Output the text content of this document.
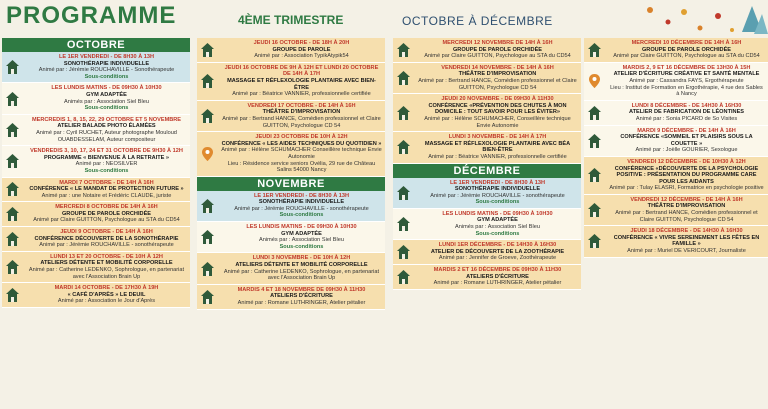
PROGRAMME	4ÈME TRIMESTRE	OCTOBRE À DÉCEMBRE
OCTOBRE
LE 1ER VENDREDI - DE 8H30 À 13H
SONOTHÉRAPIE INDIVIDUELLE
Animé par : Jérémie ROUCHAVILLE - Sonothérapeute
Sous-conditions
LES LUNDIS MATINS - DE 09H30 À 10H30
GYM ADAPTÉE
Animés par : Association Siel Bleu
Sous-conditions
MERCREDIS 1, 8, 15, 22, 29 OCTOBRE ET 5 NOVEMBRE
ATELIER BALADE PHOTO ÉLAMÉES
Animé par : Cyril RUCHET, Auteur photographe Mouloud OUABDESSELAM, Auteur compositeur
VENDREDIS 3, 10, 17, 24 ET 31 OCTOBRE DE 9H30 À 12H
PROGRAMME « BIENVENUE À LA RETRAITE »
Animé par : NEOSILVER
Sous-conditions
MARDI 7 OCTOBRE - DE 14H À 16H
CONFÉRENCE « LE MANDAT DE PROTECTION FUTURE »
Animé par : une Notaire et Frédéric CLAUDE, juriste
MERCREDI 8 OCTOBRE DE 14H À 16H
GROUPE DE PAROLE ORCHIDÉE
Animé par Claire GUITTON, Psychologue au STA du CD54
JEUDI 9 OCTOBRE - DE 14H À 16H
CONFÉRENCE DÉCOUVERTE DE LA SONOTHÉRAPIE
Animé par : Jérémie ROUCHAVILLE - sonothérapeute
LUNDI 13 ET 20 OCTOBRE - DE 10H À 12H
ATELIERS DÉTENTE ET MOBILITÉ CORPORELLE
Animé par : Catherine LEDENKO, Sophrologue, en partenariat avec l'Association Brain Up
MARDI 14 OCTOBRE - DE 17H30 À 19H
« CAFÉ D'APRÈS » LE DEUIL
Animé par : Association le Jour d'Après
JEUDI 16 OCTOBRE - DE 18H À 20H
GROUPE DE PAROLE
Animé par : Association TypikAtypik54
JEUDI 16 OCTOBRE DE 9H À 12H ET LUNDI 20 OCTOBRE DE 14H À 17H
MASSAGE ET RÉFLEXOLOGIE PLANTAIRE AVEC BIEN-ÊTRE
Animé par : Béatrice VANNIER, professionnelle certifiée
VENDREDI 17 OCTOBRE - DE 14H À 16H
THÉÂTRE D'IMPROVISATION
Animé par : Bertrand HANCE, Comédien professionnel et Claire GUITTON, Psychologue CD 54
JEUDI 23 OCTOBRE DE 10H À 12H
CONFÉRENCE « LES AIDES TECHNIQUES DU QUOTIDIEN »
Animé par : Hélène SCHUMACHER Conseillère technique Envie Autonomie
Lieu : Résidence service seniors Ovélia, 29 rue de Château Salins 54000 Nancy
NOVEMBRE
LE 1ER VENDREDI - DE 8H30 À 13H
SONOTHÉRAPIE INDIVIDUELLE
Animé par : Jérémie ROUCHAVILLE - sonothérapeute
Sous-conditions
LES LUNDIS MATINS - DE 09H30 À 10H30
GYM ADAPTÉE
Animés par : Association Siel Bleu
Sous-conditions
LUNDI 3 NOVEMBRE - DE 10H À 12H
ATELIERS DÉTENTE ET MOBILITÉ CORPORELLE
Animé par : Catherine LEDENKO, Sophrologue, en partenariat avec l'Association Brain Up
MARDIS 4 ET 18 NOVEMBRE DE 09H30 À 11H30
ATELIERS D'ÉCRITURE
Animé par : Romane LUTHRINGER, Atelier pétalier
MERCREDI 12 NOVEMBRE DE 14H À 16H
GROUPE DE PAROLE ORCHIDÉE
Animé par Claire GUITTON, Psychologue au STA du CD54
VENDREDI 14 NOVEMBRE - DE 14H À 16H
THÉÂTRE D'IMPROVISATION
Animé par : Bertrand HANCE, Comédien professionnel et Claire GUITTON, Psychologue CD 54
JEUDI 20 NOVEMBRE - DE 09H30 À 11H30
CONFÉRENCE «PRÉVENTION DES CHUTES À MON DOMICILE : TOUT SAVOIR POUR LES ÉVITER»
Animé par : Hélène SCHUMACHER, Conseillère technique Envie Autonomie
LUNDI 3 NOVEMBRE - DE 14H À 17H
MASSAGE ET RÉFLEXOLOGIE PLANTAIRE AVEC BÉA BIEN-ÊTRE
Animé par : Béatrice VANNIER, professionnelle certifiée
DÉCEMBRE
LE 1ER VENDREDI - DE 8H30 À 13H
SONOTHÉRAPIE INDIVIDUELLE
Animé par : Jérémie ROUCHAVILLE - sonothérapeute
Sous-conditions
LES LUNDIS MATINS - DE 09H30 À 10H30
GYM ADAPTÉE
Animés par : Association Siel Bleu
Sous-conditions
LUNDI 1ER DÉCEMBRE - DE 14H30 À 16H30
ATELIER DE DÉCOUVERTE DE LA ZOOTHÉRAPIE
Animé par : Jennifer de Groeve, Zoothérapeute
MARDIS 2 ET 16 DÉCEMBRE DE 09H30 À 11H30
ATELIERS D'ÉCRITURE
Animé par : Romane LUTHRINGER, Atelier pétalier
MERCREDI 10 DÉCEMBRE DE 14H À 16H
GROUPE DE PAROLE ORCHIDÉE
Animé par Claire GUITTON, Psychologue au STA du CD54
MARDIS 2, 9 ET 16 DÉCEMBRE DE 13H30 À 15H
ATELIER D'ÉCRITURE CRÉATIVE ET SANTÉ MENTALE
Animé par : Cassandra FAYS, Ergothérapeute
Lieu : Institut de Formation en Ergothérapie, 4 rue des Sables à Nancy
LUNDI 8 DÉCEMBRE - DE 14H30 À 16H30
ATELIER DE FABRICATION DE LÉONTINES
Animé par : Sonia PICARD de So Visites
MARDI 9 DÉCEMBRE - DE 14H À 16H
CONFÉRENCE «SOMMEIL ET PLAISIRS SOUS LA COUETTE »
Animé par : Joëlle GOURIER, Sexologue
VENDREDI 12 DÉCEMBRE - DE 10H30 À 12H
CONFÉRENCE «DÉCOUVERTE DE LA PSYCHOLOGIE POSITIVE : PRÉSENTATION DU PROGRAMME CARE POUR LES AIDANTS
Animé par : Tulay ELASRI, Formatrice en psychologie positive
VENDREDI 12 DÉCEMBRE - DE 14H À 16H
THÉÂTRE D'IMPROVISATION
Animé par : Bertrand HANCE, Comédien professionnel et Claire GUITTON, Psychologue CD 54
JEUDI 18 DÉCEMBRE - DE 14H30 À 16H30
CONFÉRENCE « VIVRE SEREINEMENT LES FÊTES EN FAMILLE »
Animé par : Muriel DE VERICOURT, Journaliste
